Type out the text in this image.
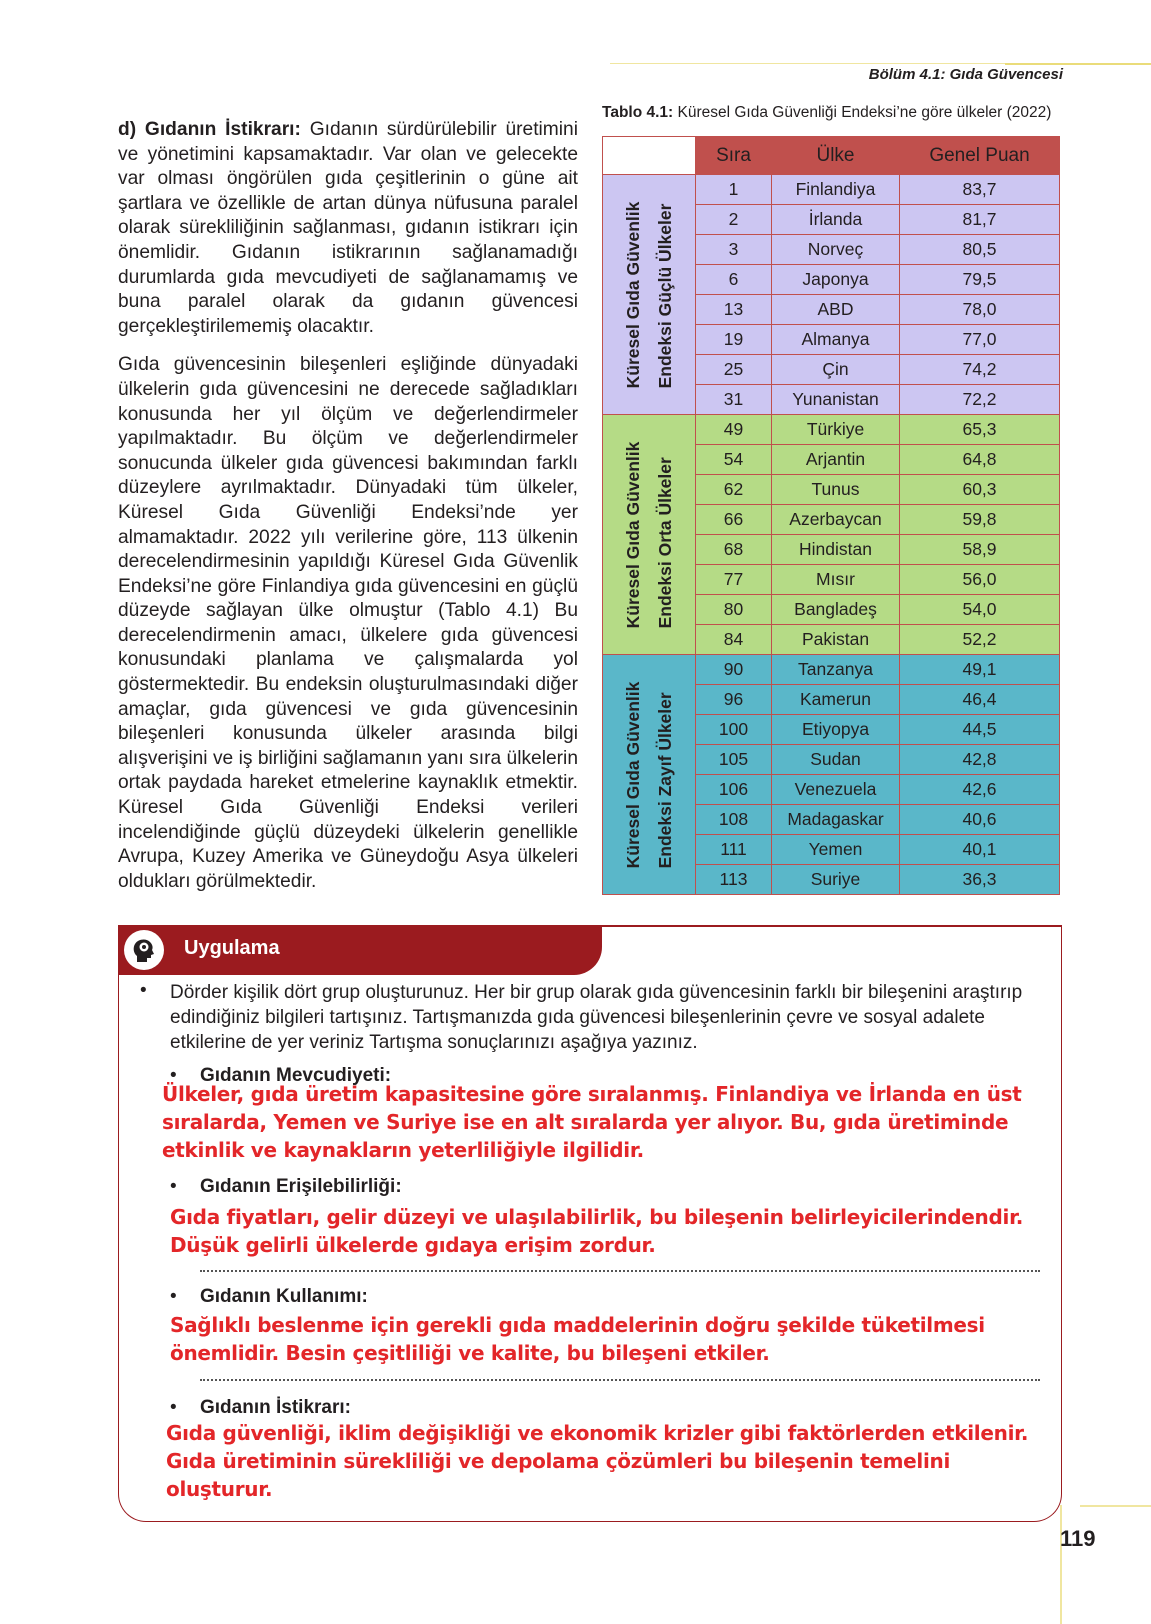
Bölüm 4.1: Gıda Güvencesi

d) Gıdanın İstikrarı: Gıdanın sürdürülebilir üretimini ve yönetimini kapsamaktadır. Var olan ve gelecekte var olması öngörülen gıda çeşitlerinin o güne ait şartlara ve özellikle de artan dünya nüfusuna paralel olarak sürekliliğinin sağlanması, gıdanın istikrarı için önemlidir. Gıdanın istikrarının sağlanamadığı durumlarda gıda mevcudiyeti de sağlanamamış ve buna paralel olarak da gıdanın güvencesi gerçekleştirilememiş olacaktır.

Gıda güvencesinin bileşenleri eşliğinde dünyadaki ülkelerin gıda güvencesini ne derecede sağladıkları konusunda her yıl ölçüm ve değerlendirmeler yapılmaktadır. Bu ölçüm ve değerlendirmeler sonucunda ülkeler gıda güvencesi bakımından farklı düzeylere ayrılmaktadır. Dünyadaki tüm ülkeler, Küresel Gıda Güvenliği Endeksi’nde yer almamaktadır. 2022 yılı verilerine göre, 113 ülkenin derecelendirmesinin yapıldığı Küresel Gıda Güvenlik Endeksi’ne göre Finlandiya gıda güvencesini en güçlü düzeyde sağlayan ülke olmuştur (Tablo 4.1) Bu derecelendirmenin amacı, ülkelere gıda güvencesi konusundaki planlama ve çalışmalarda yol göstermektedir. Bu endeksin oluşturulmasındaki diğer amaçlar, gıda güvencesi ve gıda güvencesinin bileşenleri konusunda ülkeler arasında bilgi alışverişini ve iş birliğini sağlamanın yanı sıra ülkelerin ortak paydada hareket etmelerine kaynaklık etmektir. Küresel Gıda Güvenliği Endeksi verileri incelendiğinde güçlü düzeydeki ülkelerin genellikle Avrupa, Kuzey Amerika ve Güneydoğu Asya ülkeleri oldukları görülmektedir.

Tablo 4.1: Küresel Gıda Güvenliği Endeksi’ne göre ülkeler (2022)
	Sıra	Ülke	Genel Puan

Küresel Gıda Güvenlik Endeksi Güçlü Ülkeler	1	Finlandiya	83,7
	2	İrlanda	81,7
	3	Norveç	80,5
	6	Japonya	79,5
	13	ABD	78,0
	19	Almanya	77,0
	25	Çin	74,2
	31	Yunanistan	72,2

Küresel Gıda Güvenlik Endeksi Orta Ülkeler	49	Türkiye	65,3
	54	Arjantin	64,8
	62	Tunus	60,3
	66	Azerbaycan	59,8
	68	Hindistan	58,9
	77	Mısır	56,0
	80	Bangladeş	54,0
	84	Pakistan	52,2

Küresel Gıda Güvenlik Endeksi Zayıf Ülkeler	90	Tanzanya	49,1
	96	Kamerun	46,4
	100	Etiyopya	44,5
	105	Sudan	42,8
	106	Venezuela	42,6
	108	Madagaskar	40,6
	111	Yemen	40,1
	113	Suriye	36,3
Uygulama
• Dörder kişilik dört grup oluşturunuz. Her bir grup olarak gıda güvencesinin farklı bir bileşenini araştırıp edindiğiniz bilgileri tartışınız. Tartışmanızda gıda güvencesi bileşenlerinin çevre ve sosyal adalete etkilerine de yer veriniz Tartışma sonuçlarınızı aşağıya yazınız.
• Gıdanın Mevcudiyeti:
Ülkeler, gıda üretim kapasitesine göre sıralanmış. Finlandiya ve İrlanda en üst sıralarda, Yemen ve Suriye ise en alt sıralarda yer alıyor. Bu, gıda üretiminde etkinlik ve kaynakların yeterliliğiyle ilgilidir.
• Gıdanın Erişilebilirliği:
Gıda fiyatları, gelir düzeyi ve ulaşılabilirlik, bu bileşenin belirleyicilerindendir. Düşük gelirli ülkelerde gıdaya erişim zordur.
• Gıdanın Kullanımı:
Sağlıklı beslenme için gerekli gıda maddelerinin doğru şekilde tüketilmesi önemlidir. Besin çeşitliliği ve kalite, bu bileşeni etkiler.
• Gıdanın İstikrarı:
Gıda güvenliği, iklim değişikliği ve ekonomik krizler gibi faktörlerden etkilenir. Gıda üretiminin sürekliliği ve depolama çözümleri bu bileşenin temelini oluşturur.
119
